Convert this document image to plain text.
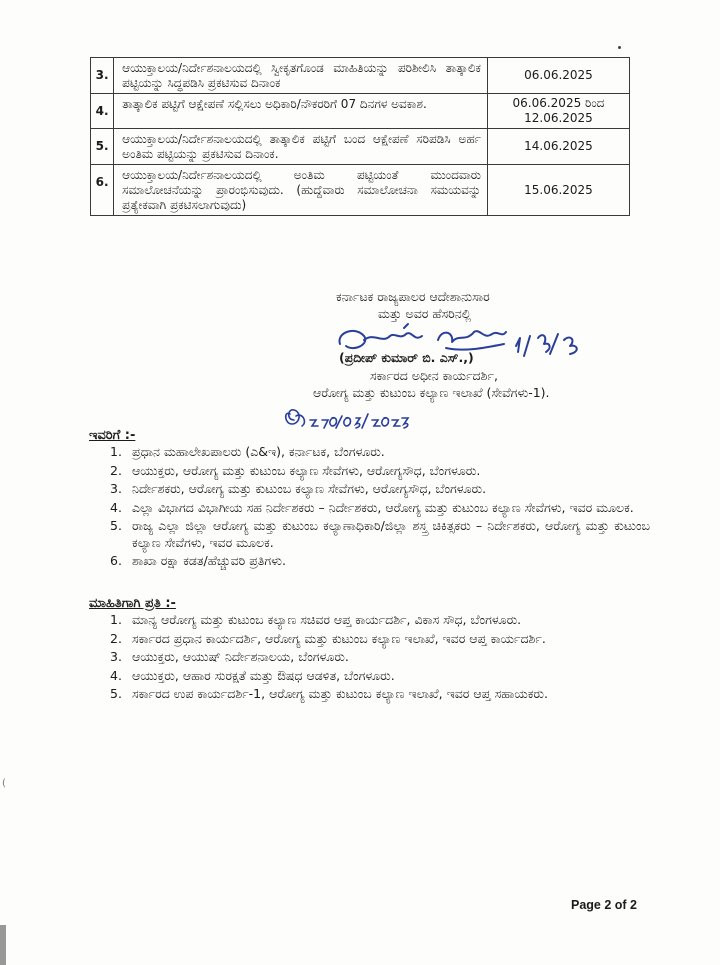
3.	ಆಯುಕ್ತಾಲಯ/ನಿರ್ದೇಶನಾಲಯದಲ್ಲಿ ಸ್ವೀಕೃತಗೊಂಡ ಮಾಹಿತಿಯನ್ನು ಪರಿಶೀಲಿಸಿ ತಾತ್ಕಾಲಿಕ ಪಟ್ಟಿಯನ್ನು ಸಿದ್ಧಪಡಿಸಿ ಪ್ರಕಟಿಸುವ ದಿನಾಂಕ	06.06.2025
4.	ತಾತ್ಕಾಲಿಕ ಪಟ್ಟಿಗೆ ಆಕ್ಷೇಪಣೆ ಸಲ್ಲಿಸಲು ಅಧಿಕಾರಿ/ನೌಕರರಿಗೆ 07 ದಿನಗಳ ಅವಕಾಶ.	06.06.2025 ರಿಂದ 12.06.2025
5.	ಆಯುಕ್ತಾಲಯ/ನಿರ್ದೇಶನಾಲಯದಲ್ಲಿ ತಾತ್ಕಾಲಿಕ ಪಟ್ಟಿಗೆ ಬಂದ ಆಕ್ಷೇಪಣೆ ಸರಿಪಡಿಸಿ ಅರ್ಹ ಅಂತಿಮ ಪಟ್ಟಿಯನ್ನು ಪ್ರಕಟಿಸುವ ದಿನಾಂಕ.	14.06.2025
6.	ಆಯುಕ್ತಾಲಯ/ನಿರ್ದೇಶನಾಲಯದಲ್ಲಿ ಅಂತಿಮ ಪಟ್ಟಿಯಂತೆ ಮುಂದವಾರು ಸಮಾಲೋಚನೆಯನ್ನು ಪ್ರಾರಂಭಿಸುವುದು. (ಹುದ್ದೆವಾರು ಸಮಾಲೋಚನಾ ಸಮಯವನ್ನು ಪ್ರತ್ಯೇಕವಾಗಿ ಪ್ರಕಟಿಸಲಾಗುವುದು)	15.06.2025
ಕರ್ನಾಟಕ ರಾಜ್ಯಪಾಲರ ಆದೇಶಾನುಸಾರ
ಮತ್ತು ಅವರ ಹೆಸರಿನಲ್ಲಿ
(ಪ್ರದೀಪ್ ಕುಮಾರ್ ಬಿ. ಎಸ್.,)
ಸರ್ಕಾರದ ಅಧೀನ ಕಾರ್ಯದರ್ಶಿ,
ಆರೋಗ್ಯ ಮತ್ತು ಕುಟುಂಬ ಕಲ್ಯಾಣ ಇಲಾಖೆ (ಸೇವೆಗಳು-1).
ಇವರಿಗೆ :-
1. ಪ್ರಧಾನ ಮಹಾಲೇಖಪಾಲರು (ಎ&ಇ), ಕರ್ನಾಟಕ, ಬೆಂಗಳೂರು.
2. ಆಯುಕ್ತರು, ಆರೋಗ್ಯ ಮತ್ತು ಕುಟುಂಬ ಕಲ್ಯಾಣ ಸೇವೆಗಳು, ಆರೋಗ್ಯಸೌಧ, ಬೆಂಗಳೂರು.
3. ನಿರ್ದೇಶಕರು, ಆರೋಗ್ಯ ಮತ್ತು ಕುಟುಂಬ ಕಲ್ಯಾಣ ಸೇವೆಗಳು, ಆರೋಗ್ಯಸೌಧ, ಬೆಂಗಳೂರು.
4. ಎಲ್ಲಾ ವಿಭಾಗದ ವಿಭಾಗೀಯ ಸಹ ನಿರ್ದೇಶಕರು – ನಿರ್ದೇಶಕರು, ಆರೋಗ್ಯ ಮತ್ತು ಕುಟುಂಬ ಕಲ್ಯಾಣ ಸೇವೆಗಳು, ಇವರ ಮೂಲಕ.
5. ರಾಜ್ಯ ಎಲ್ಲಾ ಜಿಲ್ಲಾ ಆರೋಗ್ಯ ಮತ್ತು ಕುಟುಂಬ ಕಲ್ಯಾಣಾಧಿಕಾರಿ/ಜಿಲ್ಲಾ ಶಸ್ತ್ರ ಚಿಕಿತ್ಸಕರು – ನಿರ್ದೇಶಕರು, ಆರೋಗ್ಯ ಮತ್ತು ಕುಟುಂಬ ಕಲ್ಯಾಣ ಸೇವೆಗಳು, ಇವರ ಮೂಲಕ.
6. ಶಾಖಾ ರಕ್ಷಾ ಕಡತ/ಹೆಚ್ಚುವರಿ ಪ್ರತಿಗಳು.
ಮಾಹಿತಿಗಾಗಿ ಪ್ರತಿ :-
1. ಮಾನ್ಯ ಆರೋಗ್ಯ ಮತ್ತು ಕುಟುಂಬ ಕಲ್ಯಾಣ ಸಚಿವರ ಆಪ್ತ ಕಾರ್ಯದರ್ಶಿ, ವಿಕಾಸ ಸೌಧ, ಬೆಂಗಳೂರು.
2. ಸರ್ಕಾರದ ಪ್ರಧಾನ ಕಾರ್ಯದರ್ಶಿ, ಆರೋಗ್ಯ ಮತ್ತು ಕುಟುಂಬ ಕಲ್ಯಾಣ ಇಲಾಖೆ, ಇವರ ಆಪ್ತ ಕಾರ್ಯದರ್ಶಿ.
3. ಆಯುಕ್ತರು, ಆಯುಷ್ ನಿರ್ದೇಶನಾಲಯ, ಬೆಂಗಳೂರು.
4. ಆಯುಕ್ತರು, ಆಹಾರ ಸುರಕ್ಷತೆ ಮತ್ತು ಔಷಧ ಆಡಳಿತ, ಬೆಂಗಳೂರು.
5. ಸರ್ಕಾರದ ಉಪ ಕಾರ್ಯದರ್ಶಿ-1, ಆರೋಗ್ಯ ಮತ್ತು ಕುಟುಂಬ ಕಲ್ಯಾಣ ಇಲಾಖೆ, ಇವರ ಆಪ್ತ ಸಹಾಯಕರು.
Page 2 of 2
(
